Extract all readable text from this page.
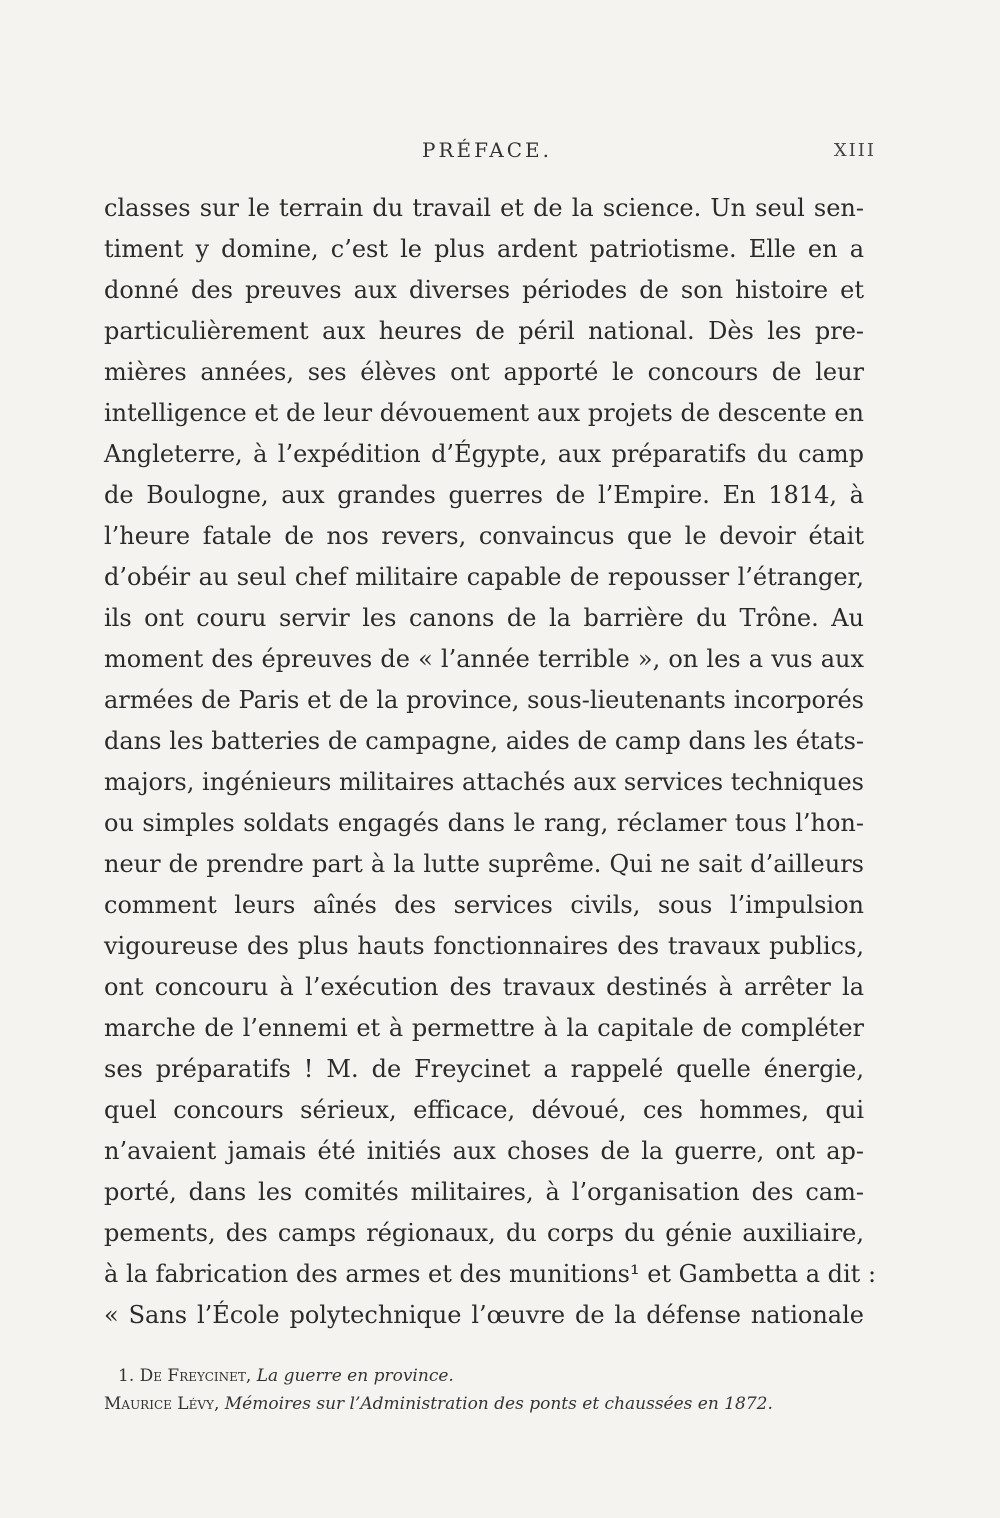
PRÉFACE.	XIII
classes sur le terrain du travail et de la science. Un seul sen-
timent y domine, c’est le plus ardent patriotisme. Elle en a
donné des preuves aux diverses périodes de son histoire et
particulièrement aux heures de péril national. Dès les pre-
mières années, ses élèves ont apporté le concours de leur
intelligence et de leur dévouement aux projets de descente en
Angleterre, à l’expédition d’Égypte, aux préparatifs du camp
de Boulogne, aux grandes guerres de l’Empire. En 1814, à
l’heure fatale de nos revers, convaincus que le devoir était
d’obéir au seul chef militaire capable de repousser l’étranger,
ils ont couru servir les canons de la barrière du Trône. Au
moment des épreuves de « l’année terrible », on les a vus aux
armées de Paris et de la province, sous-lieutenants incorporés
dans les batteries de campagne, aides de camp dans les états-
majors, ingénieurs militaires attachés aux services techniques
ou simples soldats engagés dans le rang, réclamer tous l’hon-
neur de prendre part à la lutte suprême. Qui ne sait d’ailleurs
comment leurs aînés des services civils, sous l’impulsion
vigoureuse des plus hauts fonctionnaires des travaux publics,
ont concouru à l’exécution des travaux destinés à arrêter la
marche de l’ennemi et à permettre à la capitale de compléter
ses préparatifs ! M. de Freycinet a rappelé quelle énergie,
quel concours sérieux, efficace, dévoué, ces hommes, qui
n’avaient jamais été initiés aux choses de la guerre, ont ap-
porté, dans les comités militaires, à l’organisation des cam-
pements, des camps régionaux, du corps du génie auxiliaire,
à la fabrication des armes et des munitions¹ et Gambetta a dit :
« Sans l’École polytechnique l’œuvre de la défense nationale
1. De Freycinet, La guerre en province.
Maurice Lévy, Mémoires sur l’Administration des ponts et chaussées en 1872.
